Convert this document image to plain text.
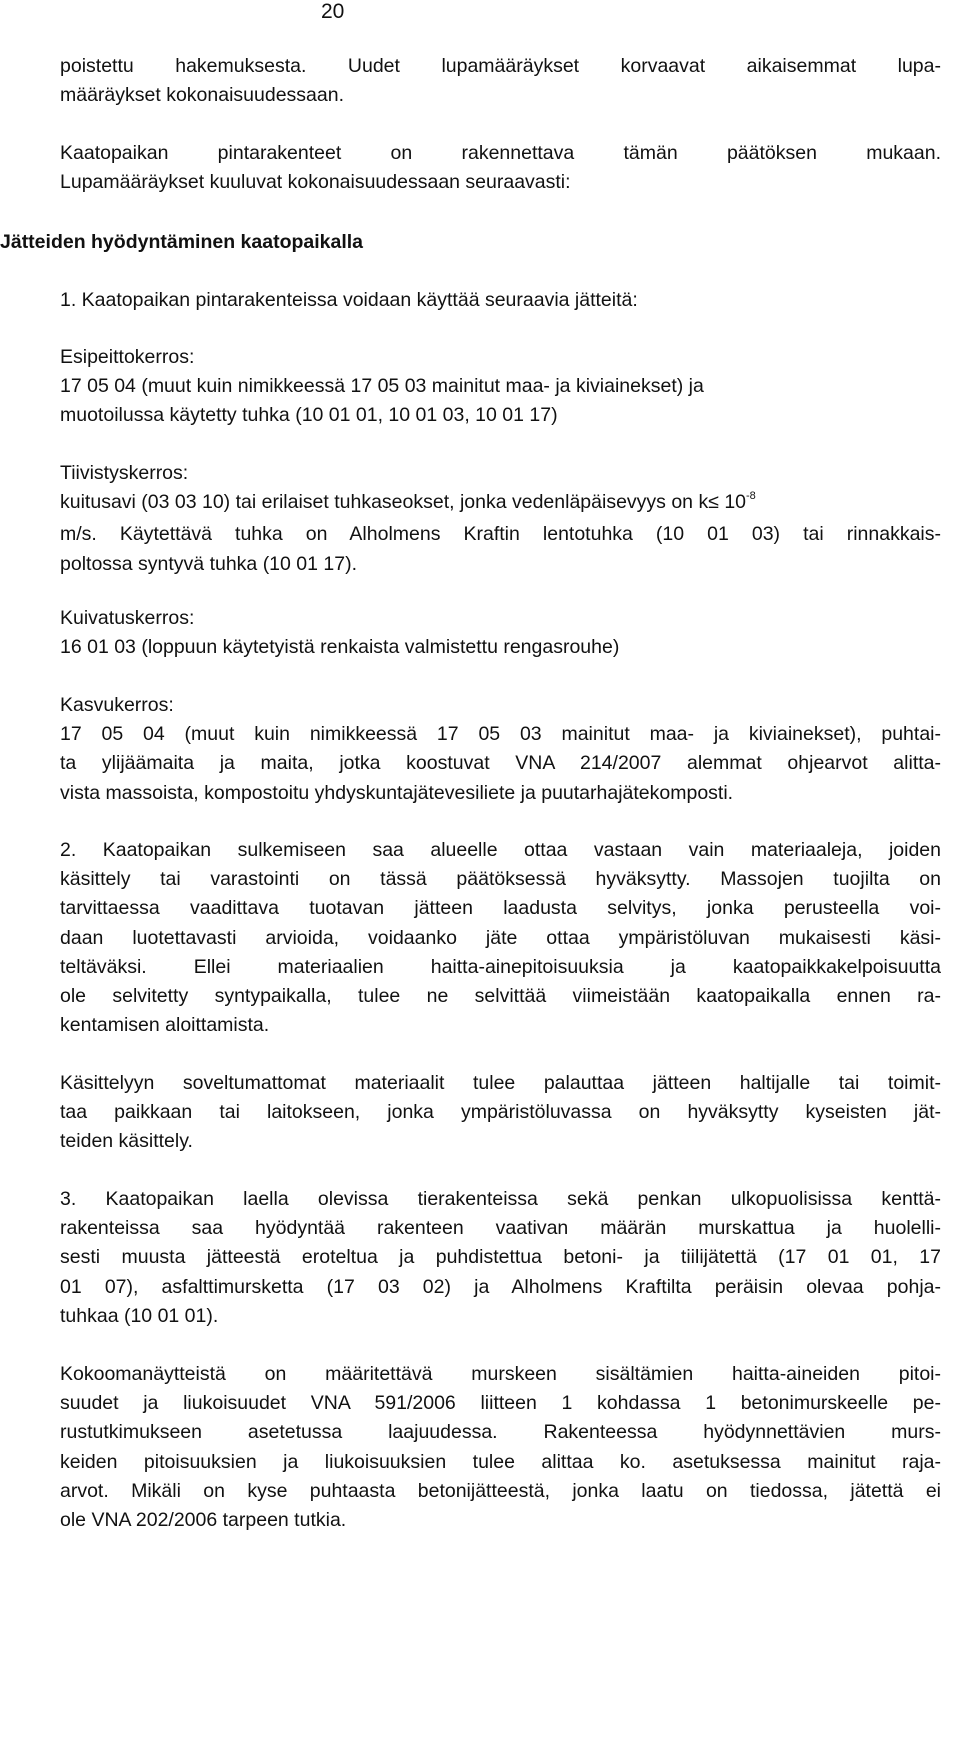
20

poistettu hakemuksesta. Uudet lupamääräykset korvaavat aikaisemmat lupa-
määräykset kokonaisuudessaan.

Kaatopaikan pintarakenteet on rakennettava tämän päätöksen mukaan.
Lupamääräykset kuuluvat kokonaisuudessaan seuraavasti:

Jätteiden hyödyntäminen kaatopaikalla

1. Kaatopaikan pintarakenteissa voidaan käyttää seuraavia jätteitä:

Esipeittokerros:
17 05 04 (muut kuin nimikkeessä 17 05 03 mainitut maa- ja kiviainekset) ja
muotoilussa käytetty tuhka (10 01 01, 10 01 03, 10 01 17)

Tiivistyskerros:
kuitusavi (03 03 10) tai erilaiset tuhkaseokset, jonka vedenläpäisevyys on $k\le 10^{-8}$
m/s. Käytettävä tuhka on Alholmens Kraftin lentotuhka (10 01 03) tai rinnakkais-
poltossa syntyvä tuhka (10 01 17).

Kuivatuskerros:
16 01 03 (loppuun käytetyistä renkaista valmistettu rengasrouhe)

Kasvukerros:
17 05 04 (muut kuin nimikkeessä 17 05 03 mainitut maa- ja kiviainekset), puhtai-
ta ylijäämaita ja maita, jotka koostuvat VNA 214/2007 alemmat ohjearvot alitta-
vista massoista, kompostoitu yhdyskuntajätevesiliete ja puutarhajätekomposti.

2. Kaatopaikan sulkemiseen saa alueelle ottaa vastaan vain materiaaleja, joiden
käsittely tai varastointi on tässä päätöksessä hyväksytty. Massojen tuojilta on
tarvittaessa vaadittava tuotavan jätteen laadusta selvitys, jonka perusteella voi-
daan luotettavasti arvioida, voidaanko jäte ottaa ympäristöluvan mukaisesti käsi-
teltäväksi. Ellei materiaalien haitta-ainepitoisuuksia ja kaatopaikkakelpoisuutta
ole selvitetty syntypaikalla, tulee ne selvittää viimeistään kaatopaikalla ennen ra-
kentamisen aloittamista.

Käsittelyyn soveltumattomat materiaalit tulee palauttaa jätteen haltijalle tai toimit-
taa paikkaan tai laitokseen, jonka ympäristöluvassa on hyväksytty kyseisten jät-
teiden käsittely.

3. Kaatopaikan laella olevissa tierakenteissa sekä penkan ulkopuolisissa kenttä-
rakenteissa saa hyödyntää rakenteen vaativan määrän murskattua ja huolelli-
sesti muusta jätteestä eroteltua ja puhdistettua betoni- ja tiilijätettä (17 01 01, 17
01 07), asfalttimursketta (17 03 02) ja Alholmens Kraftilta peräisin olevaa pohja-
tuhkaa (10 01 01).

Kokoomanäytteistä on määritettävä murskeen sisältämien haitta-aineiden pitoi-
suudet ja liukoisuudet VNA 591/2006 liitteen 1 kohdassa 1 betonimurskeelle pe-
rustutkimukseen asetetussa laajuudessa. Rakenteessa hyödynnettävien murs-
keiden pitoisuuksien ja liukoisuuksien tulee alittaa ko. asetuksessa mainitut raja-
arvot. Mikäli on kyse puhtaasta betonijätteestä, jonka laatu on tiedossa, jätettä ei
ole VNA 202/2006 tarpeen tutkia.
